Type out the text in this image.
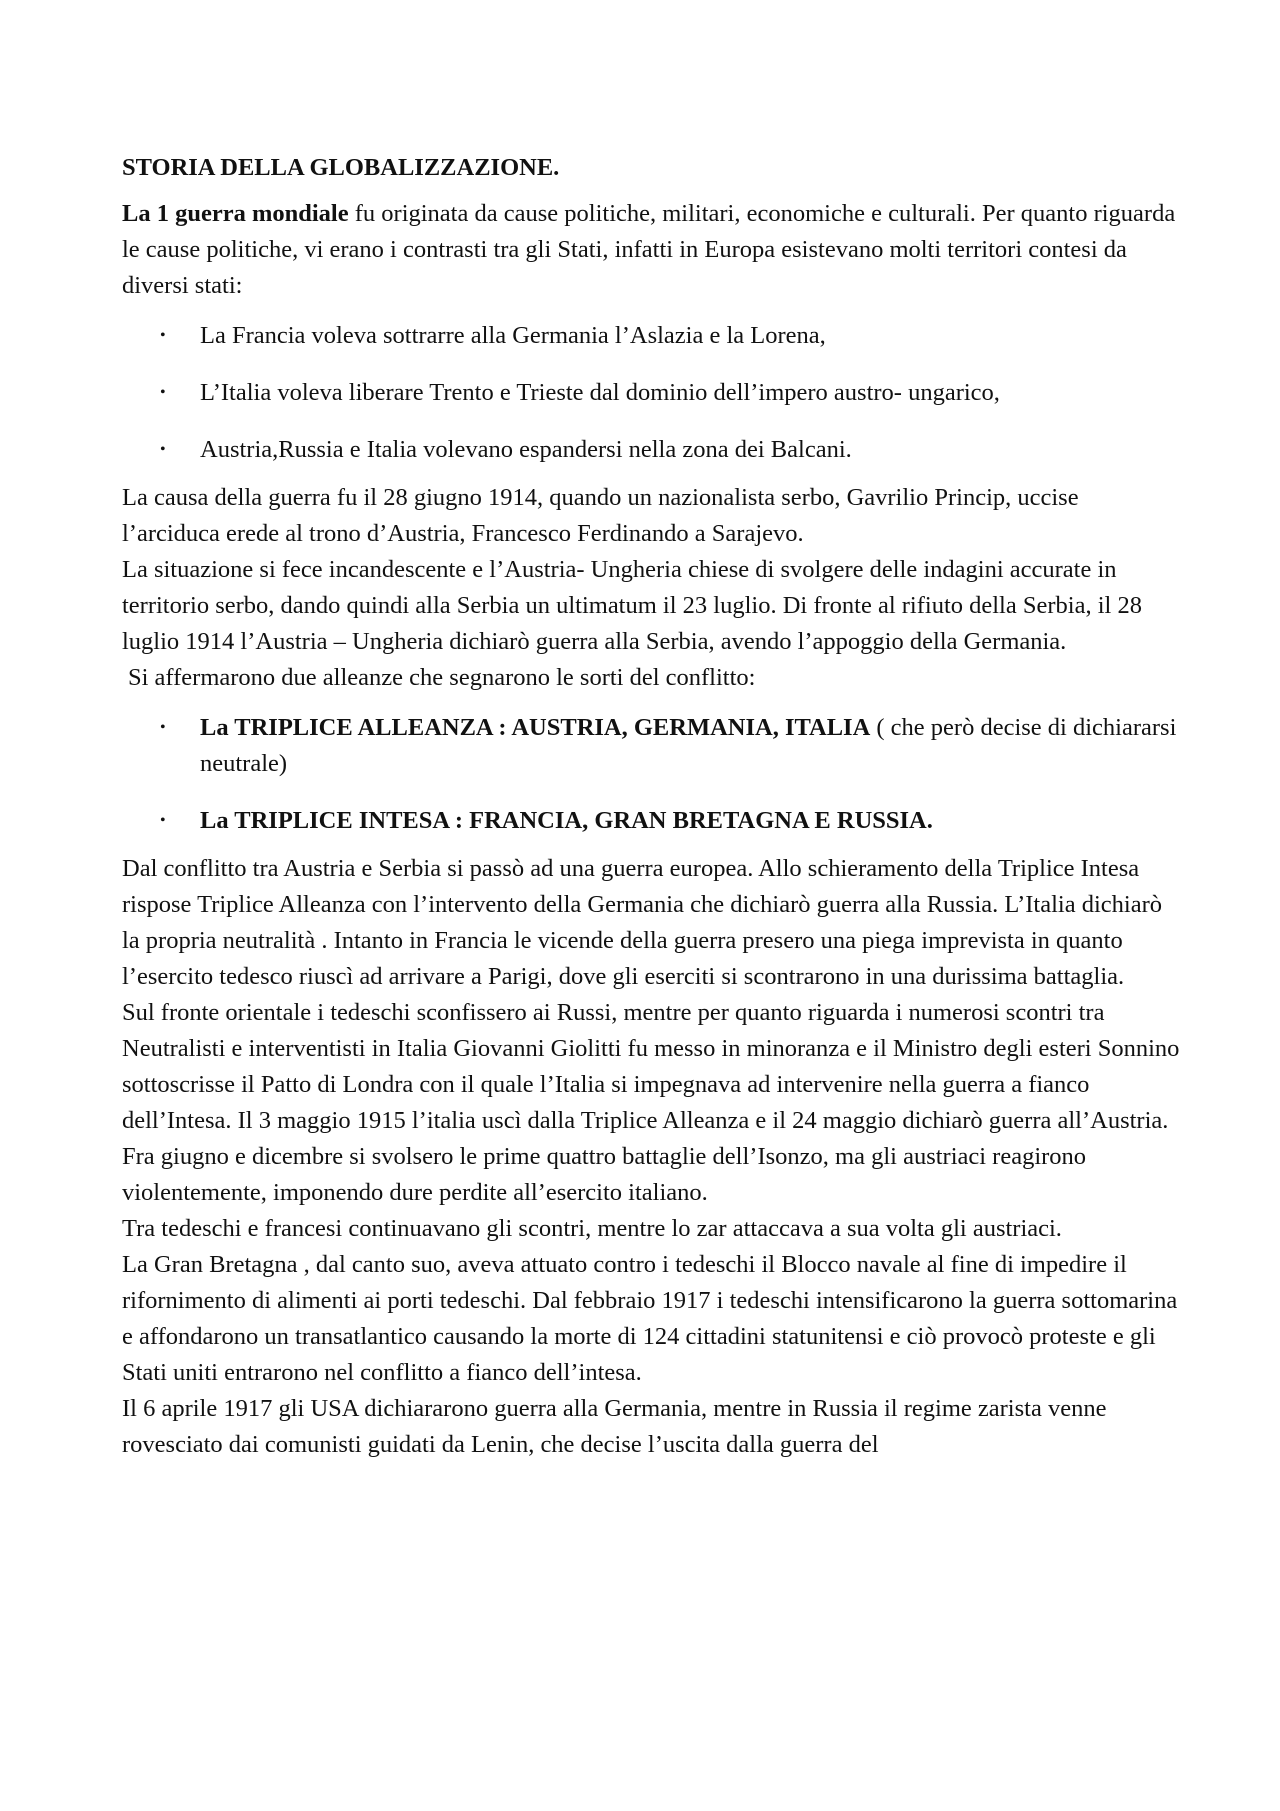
STORIA DELLA GLOBALIZZAZIONE.

La 1 guerra mondiale fu originata da cause politiche, militari, economiche e culturali. Per quanto riguarda le cause politiche, vi erano i contrasti tra gli Stati, infatti in Europa esistevano molti territori contesi da diversi stati:

• La Francia voleva sottrarre alla Germania l’Aslazia e la Lorena,
• L’Italia voleva liberare Trento e Trieste dal dominio dell’impero austro- ungarico,
• Austria,Russia e Italia volevano espandersi nella zona dei Balcani.

La causa della guerra fu il 28 giugno 1914, quando un nazionalista serbo, Gavrilio Princip, uccise l’arciduca erede al trono d’Austria, Francesco Ferdinando a Sarajevo.

La situazione si fece incandescente e l’Austria- Ungheria chiese di svolgere delle indagini accurate in territorio serbo, dando quindi alla Serbia un ultimatum il 23 luglio. Di fronte al rifiuto della Serbia, il 28 luglio 1914 l’Austria – Ungheria dichiarò guerra alla Serbia, avendo l’appoggio della Germania.

Si affermarono due alleanze che segnarono le sorti del conflitto:

• La TRIPLICE ALLEANZA : AUSTRIA, GERMANIA, ITALIA ( che però decise di dichiararsi neutrale)
• La TRIPLICE INTESA : FRANCIA, GRAN BRETAGNA E RUSSIA.

Dal conflitto tra Austria e Serbia si passò ad una guerra europea. Allo schieramento della Triplice Intesa rispose Triplice Alleanza con l’intervento della Germania che dichiarò guerra alla Russia. L’Italia dichiarò la propria neutralità . Intanto in Francia le vicende della guerra presero una piega imprevista in quanto l’esercito tedesco riuscì ad arrivare a Parigi, dove gli eserciti si scontrarono in una durissima battaglia.

Sul fronte orientale i tedeschi sconfissero ai Russi, mentre per quanto riguarda i numerosi scontri tra Neutralisti e interventisti in Italia Giovanni Giolitti fu messo in minoranza e il Ministro degli esteri Sonnino sottoscrisse il Patto di Londra con il quale l’Italia si impegnava ad intervenire nella guerra a fianco dell’Intesa. Il 3 maggio 1915 l’italia uscì dalla Triplice Alleanza e il 24 maggio dichiarò guerra all’Austria.

Fra giugno e dicembre si svolsero le prime quattro battaglie dell’Isonzo, ma gli austriaci reagirono violentemente, imponendo dure perdite all’esercito italiano.

Tra tedeschi e francesi continuavano gli scontri, mentre lo zar attaccava a sua volta gli austriaci.

La Gran Bretagna , dal canto suo, aveva attuato contro i tedeschi il Blocco navale al fine di impedire il rifornimento di alimenti ai porti tedeschi. Dal febbraio 1917 i tedeschi intensificarono la guerra sottomarina e affondarono un transatlantico causando la morte di 124 cittadini statunitensi e ciò provocò proteste e gli Stati uniti entrarono nel conflitto a fianco dell’intesa.

Il 6 aprile 1917 gli USA dichiararono guerra alla Germania, mentre in Russia il regime zarista venne rovesciato dai comunisti guidati da Lenin, che decise l’uscita dalla guerra del
